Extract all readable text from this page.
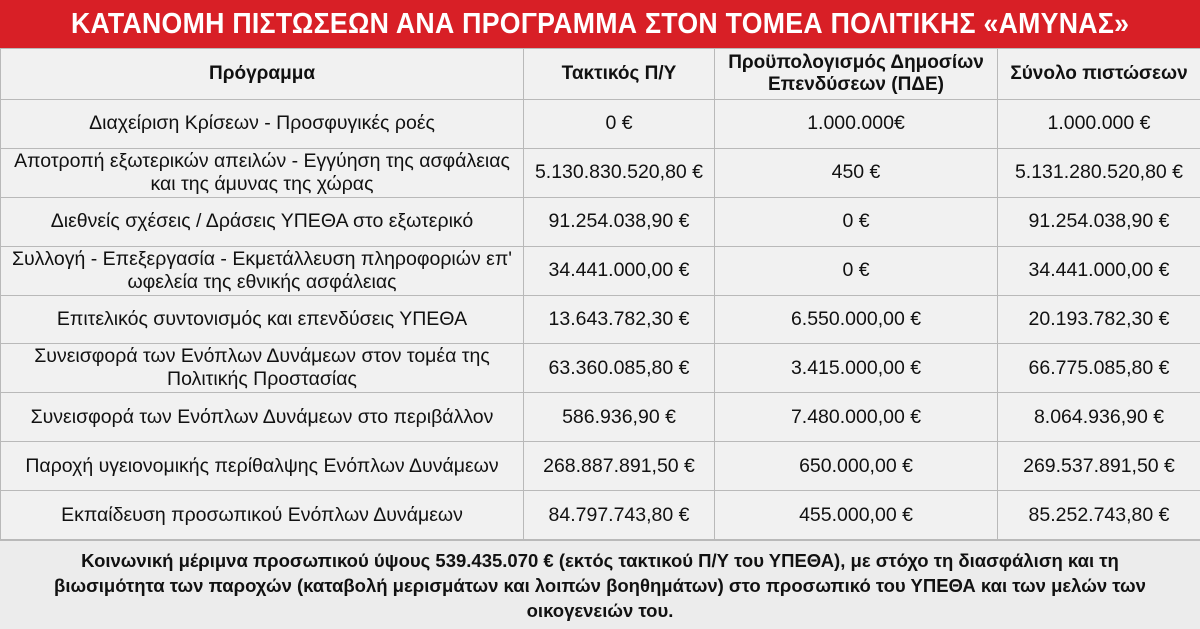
ΚΑΤΑΝΟΜΗ ΠΙΣΤΩΣΕΩΝ ΑΝΑ ΠΡΟΓΡΑΜΜΑ ΣΤΟΝ ΤΟΜΕΑ ΠΟΛΙΤΙΚΗΣ «ΑΜΥΝΑΣ»
Πρόγραμμα	Τακτικός Π/Υ	Προϋπολογισμός Δημοσίων Επενδύσεων (ΠΔΕ)	Σύνολο πιστώσεων
Διαχείριση Κρίσεων - Προσφυγικές ροές	0 €	1.000.000€	1.000.000 €
Αποτροπή εξωτερικών απειλών - Εγγύηση της ασφάλειας και της άμυνας της χώρας	5.130.830.520,80 €	450 €	5.131.280.520,80 €
Διεθνείς σχέσεις / Δράσεις ΥΠΕΘΑ στο εξωτερικό	91.254.038,90 €	0 €	91.254.038,90 €
Συλλογή - Επεξεργασία - Εκμετάλλευση πληροφοριών επ' ωφελεία της εθνικής ασφάλειας	34.441.000,00 €	0 €	34.441.000,00 €
Επιτελικός συντονισμός και επενδύσεις ΥΠΕΘΑ	13.643.782,30 €	6.550.000,00 €	20.193.782,30 €
Συνεισφορά των Ενόπλων Δυνάμεων στον τομέα της Πολιτικής Προστασίας	63.360.085,80 €	3.415.000,00 €	66.775.085,80 €
Συνεισφορά των Ενόπλων Δυνάμεων στο περιβάλλον	586.936,90 €	7.480.000,00 €	8.064.936,90 €
Παροχή υγειονομικής περίθαλψης Ενόπλων Δυνάμεων	268.887.891,50 €	650.000,00 €	269.537.891,50 €
Εκπαίδευση προσωπικού Ενόπλων Δυνάμεων	84.797.743,80 €	455.000,00 €	85.252.743,80 €
Κοινωνική μέριμνα προσωπικού ύψους 539.435.070 € (εκτός τακτικού Π/Υ του ΥΠΕΘΑ), με στόχο τη διασφάλιση και τη βιωσιμότητα των παροχών (καταβολή μερισμάτων και λοιπών βοηθημάτων) στο προσωπικό του ΥΠΕΘΑ και των μελών των οικογενειών του.
